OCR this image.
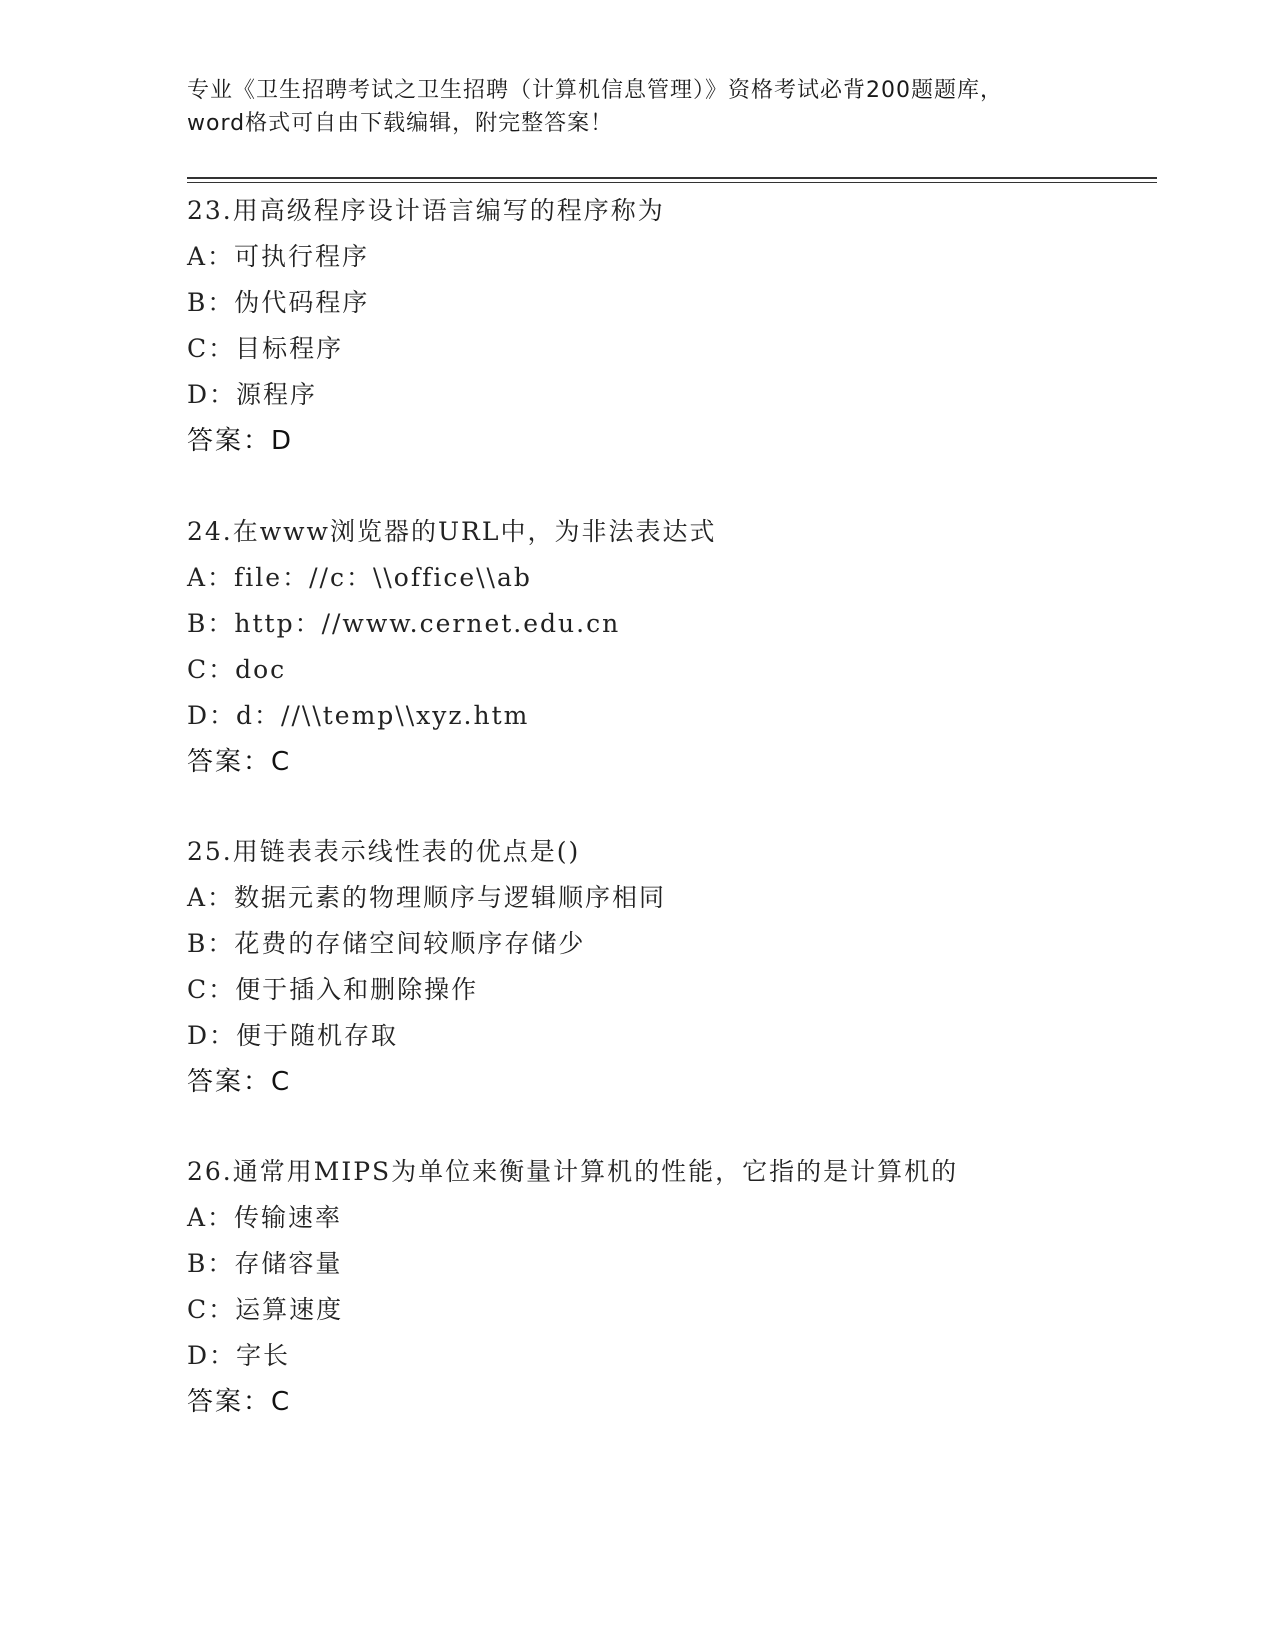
专业《卫生招聘考试之卫生招聘（计算机信息管理）》资格考试必背200题题库，
word格式可自由下载编辑，附完整答案！
23.用高级程序设计语言编写的程序称为
A：可执行程序
B：伪代码程序
C：目标程序
D：源程序
答案：D
24.在www浏览器的URL中，为非法表达式
A：file：//c：\\office\\ab
B：http：//www.cernet.edu.cn
C：doc
D：d：//\\temp\\xyz.htm
答案：C
25.用链表表示线性表的优点是()
A：数据元素的物理顺序与逻辑顺序相同
B：花费的存储空间较顺序存储少
C：便于插入和删除操作
D：便于随机存取
答案：C
26.通常用MIPS为单位来衡量计算机的性能，它指的是计算机的
A：传输速率
B：存储容量
C：运算速度
D：字长
答案：C
